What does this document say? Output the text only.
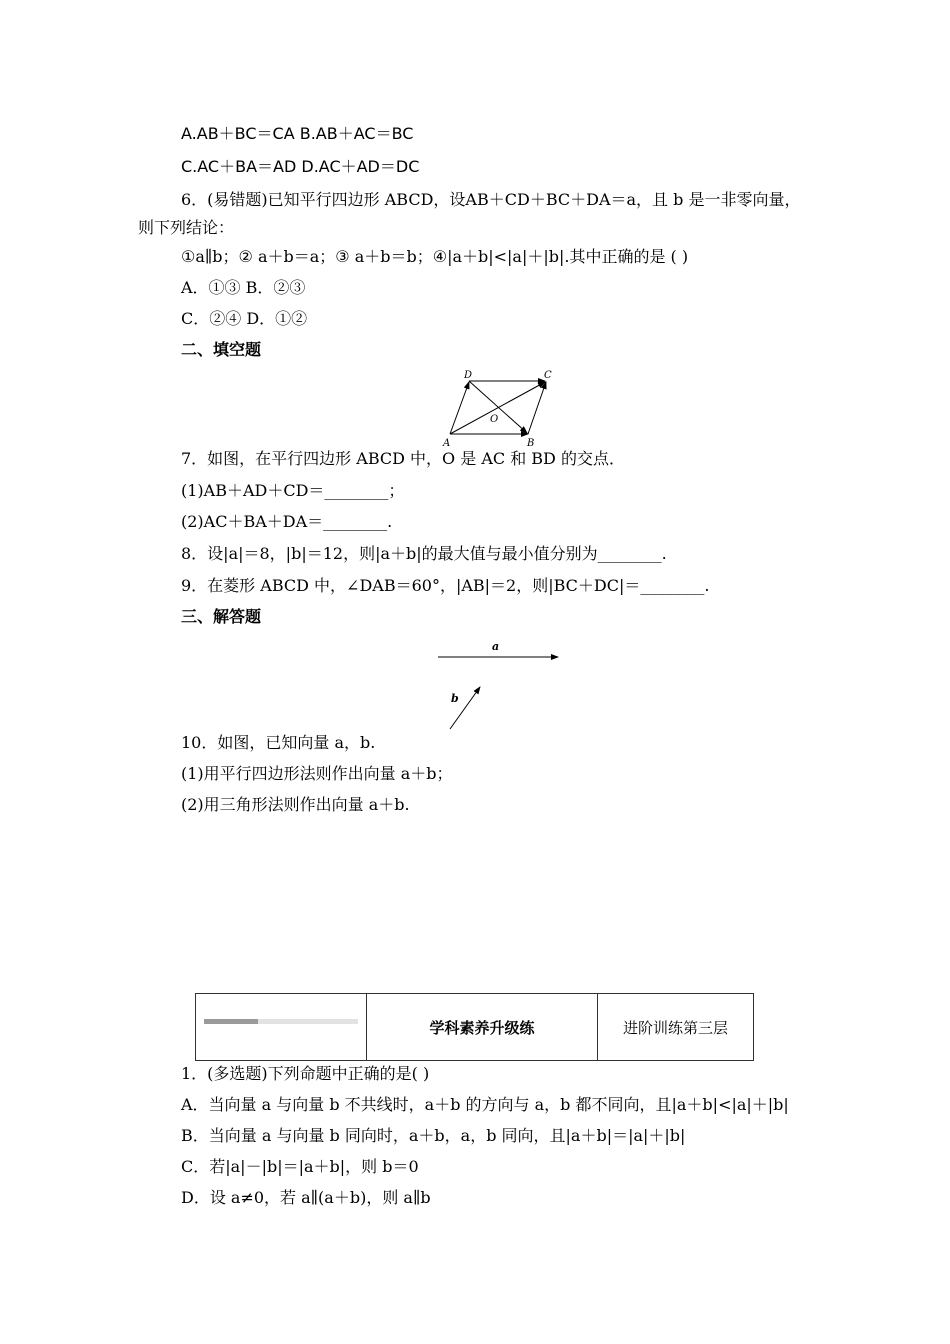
A.AB＋BC＝CA B.AB＋AC＝BC
C.AC＋BA＝AD D.AC＋AD＝DC
6．(易错题)已知平行四边形 ABCD，设AB＋CD＋BC＋DA＝a，且 b 是一非零向量，
则下列结论：
①a∥b；② a＋b＝a；③ a＋b＝b；④|a＋b|<|a|＋|b|.其中正确的是 ( )
A．①③ B．②③
C．②④ D．①②
二、填空题
D	C
O
A	B
7．如图，在平行四边形 ABCD 中，O 是 AC 和 BD 的交点．
(1)AB＋AD＋CD＝________；
(2)AC＋BA＋DA＝________.
8．设|a|＝8，|b|＝12，则|a＋b|的最大值与最小值分别为________.
9．在菱形 ABCD 中，∠DAB＝60°，|AB|＝2，则|BC＋DC|＝________.
三、解答题
a
b
10．如图，已知向量 a，b.
(1)用平行四边形法则作出向量 a＋b；
(2)用三角形法则作出向量 a＋b.
学科素养升级练	进阶训练第三层
1．(多选题)下列命题中正确的是( )
A．当向量 a 与向量 b 不共线时，a＋b 的方向与 a，b 都不同向，且|a＋b|<|a|＋|b|
B．当向量 a 与向量 b 同向时，a＋b，a，b 同向，且|a＋b|＝|a|＋|b|
C．若|a|－|b|＝|a＋b|，则 b＝0
D．设 a≠0，若 a∥(a＋b)，则 a∥b
